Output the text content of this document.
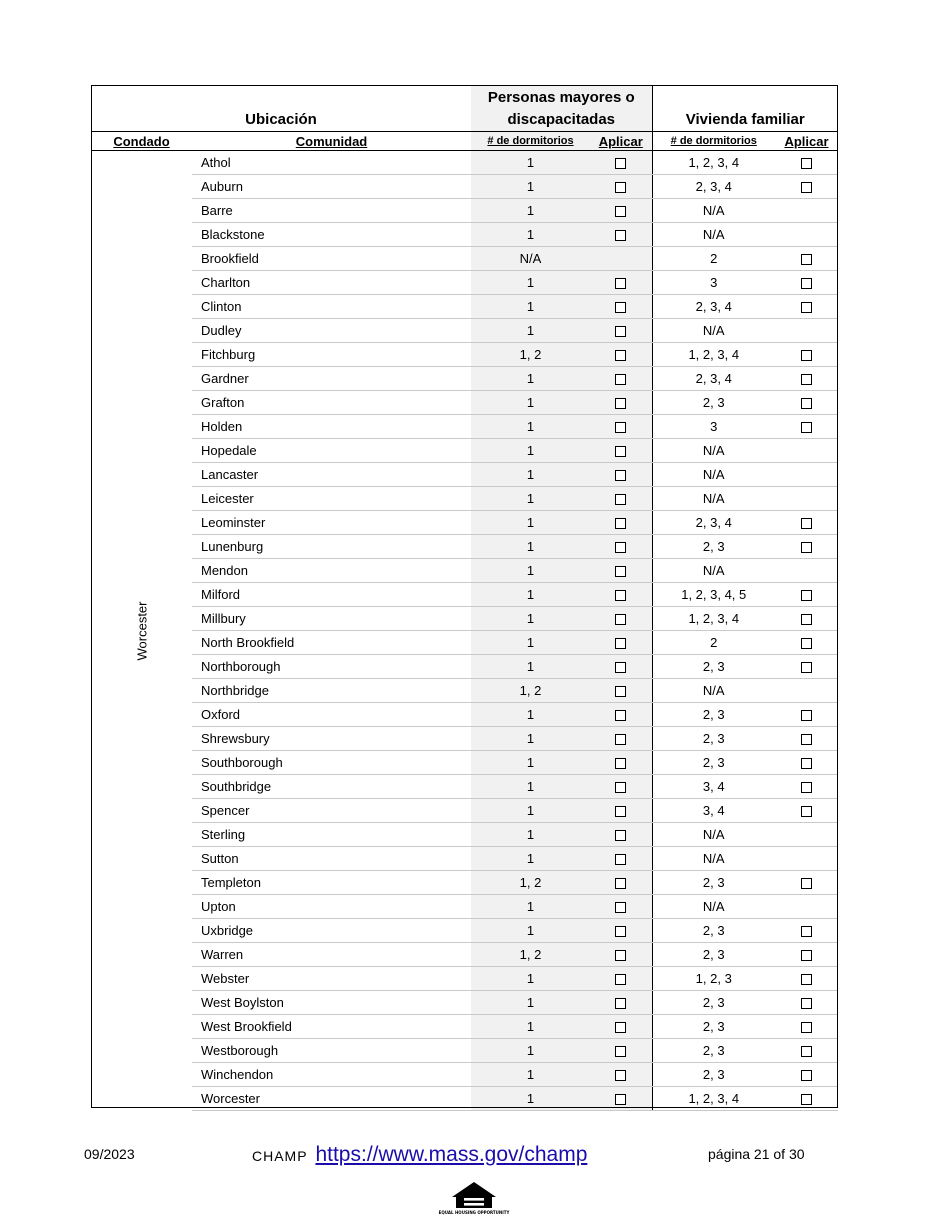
Ubicación		Personas mayores o discapacitadas		Vivienda familiar	
Condado	Comunidad	# de dormitorios	Aplicar	# de dormitorios	Aplicar

Worcester	Athol	1		1, 2, 3, 4	
	Auburn	1		2, 3, 4	
	Barre	1		N/A	
	Blackstone	1		N/A	
	Brookfield	N/A		2	
	Charlton	1		3	
	Clinton	1		2, 3, 4	
	Dudley	1		N/A	
	Fitchburg	1, 2		1, 2, 3, 4	
	Gardner	1		2, 3, 4	
	Grafton	1		2, 3	
	Holden	1		3	
	Hopedale	1		N/A	
	Lancaster	1		N/A	
	Leicester	1		N/A	
	Leominster	1		2, 3, 4	
	Lunenburg	1		2, 3	
	Mendon	1		N/A	
	Milford	1		1, 2, 3, 4, 5	
	Millbury	1		1, 2, 3, 4	
	North Brookfield	1		2	
	Northborough	1		2, 3	
	Northbridge	1, 2		N/A	
	Oxford	1		2, 3	
	Shrewsbury	1		2, 3	
	Southborough	1		2, 3	
	Southbridge	1		3, 4	
	Spencer	1		3, 4	
	Sterling	1		N/A	
	Sutton	1		N/A	
	Templeton	1, 2		2, 3	
	Upton	1		N/A	
	Uxbridge	1		2, 3	
	Warren	1, 2		2, 3	
	Webster	1		1, 2, 3	
	West Boylston	1		2, 3	
	West Brookfield	1		2, 3	
	Westborough	1		2, 3	
	Winchendon	1		2, 3	
	Worcester	1		1, 2, 3, 4	
09/2023	CHAMP https://www.mass.gov/champ	página 21 of 30
EQUAL HOUSING OPPORTUNITY
